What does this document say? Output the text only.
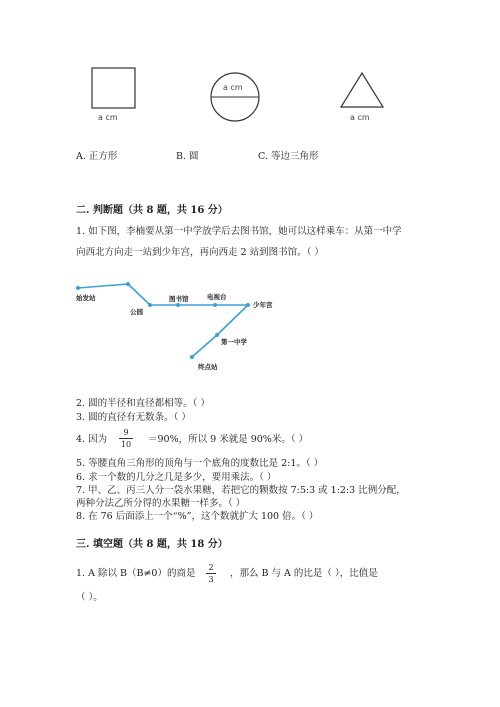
a cm
a cm
a cm
A. 正方形	B. 圆	C. 等边三角形
二. 判断题（共 8 题，共 16 分）
1. 如下图，李楠要从第一中学放学后去图书馆，她可以这样乘车：从第一中学
向西北方向走一站到少年宫，再向西走 2 站到图书馆。（ ）
始发站
公园
图书馆	电视台
少年宫
第一中学
终点站
2. 圆的半径和直径都相等。（ ）
3. 圆的直径有无数条。（ ）
4. 因为
9
10 ＝90%，所以 9 米就是 90%米。（ ）
5. 等腰直角三角形的顶角与一个底角的度数比是 2:1。（ ）
6. 求一个数的几分之几是多少，要用乘法。（ ）
7. 甲、乙、丙三人分一袋水果糖，若把它的颗数按 7:5:3 或 1:2:3 比例分配，
两种分法乙所分得的水果糖一样多。（ ）
8. 在 76 后面添上一个“%”，这个数就扩大 100 倍。（ ）
三. 填空题（共 8 题，共 18 分）
1. A 除以 B（B≠0）的商是
2
3
，那么 B 与 A 的比是（ ），比值是
（ ）。
